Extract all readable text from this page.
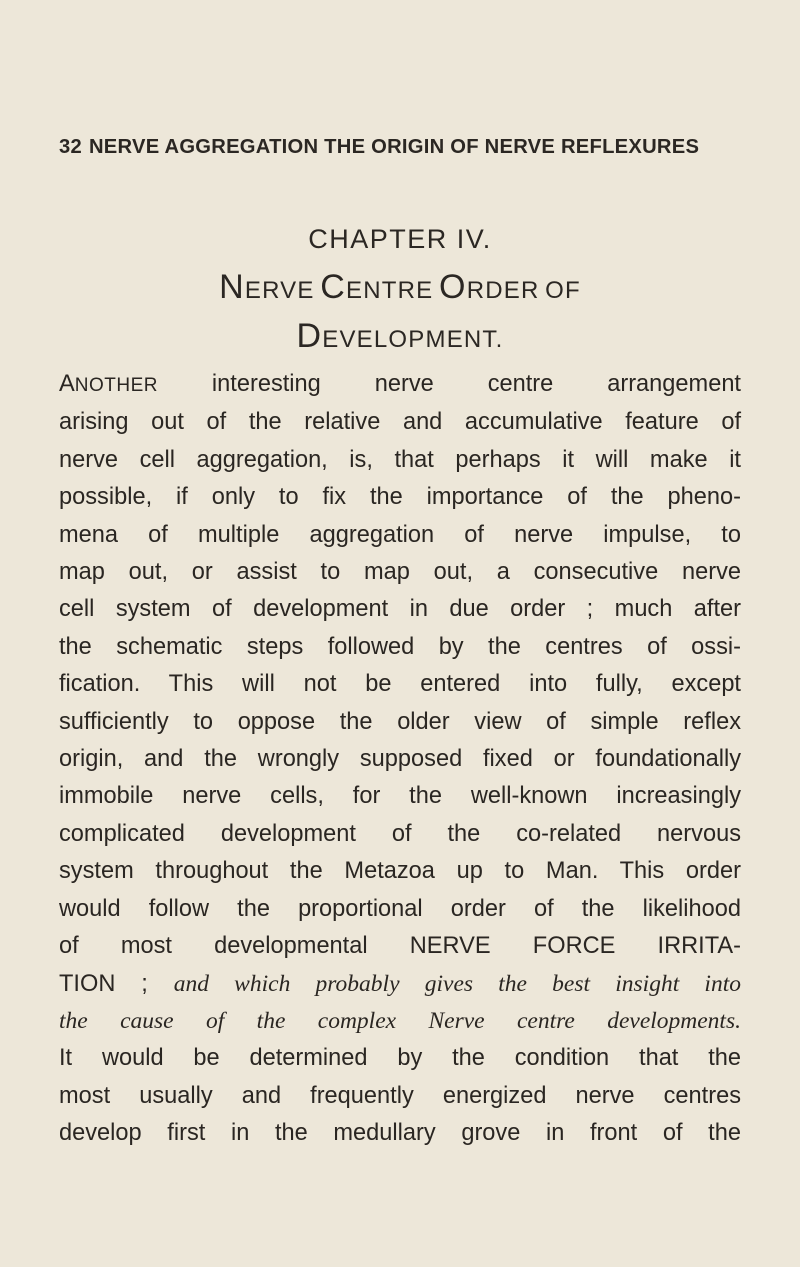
32 NERVE AGGREGATION THE ORIGIN OF NERVE REFLEXURES
CHAPTER IV.
NERVE CENTRE ORDER OF
DEVELOPMENT.
ANOTHER interesting nerve centre arrangement
arising out of the relative and accumulative feature of
nerve cell aggregation, is, that perhaps it will make it
possible, if only to fix the importance of the pheno-
mena of multiple aggregation of nerve impulse, to
map out, or assist to map out, a consecutive nerve
cell system of development in due order ; much after
the schematic steps followed by the centres of ossi-
fication. This will not be entered into fully, except
sufficiently to oppose the older view of simple reflex
origin, and the wrongly supposed fixed or foundationally
immobile nerve cells, for the well-known increasingly
complicated development of the co-related nervous
system throughout the Metazoa up to Man. This order
would follow the proportional order of the likelihood
of most developmental NERVE FORCE IRRITA-
TION ; and which probably gives the best insight into
the cause of the complex Nerve centre developments.
It would be determined by the condition that the
most usually and frequently energized nerve centres
develop first in the medullary grove in front of the
